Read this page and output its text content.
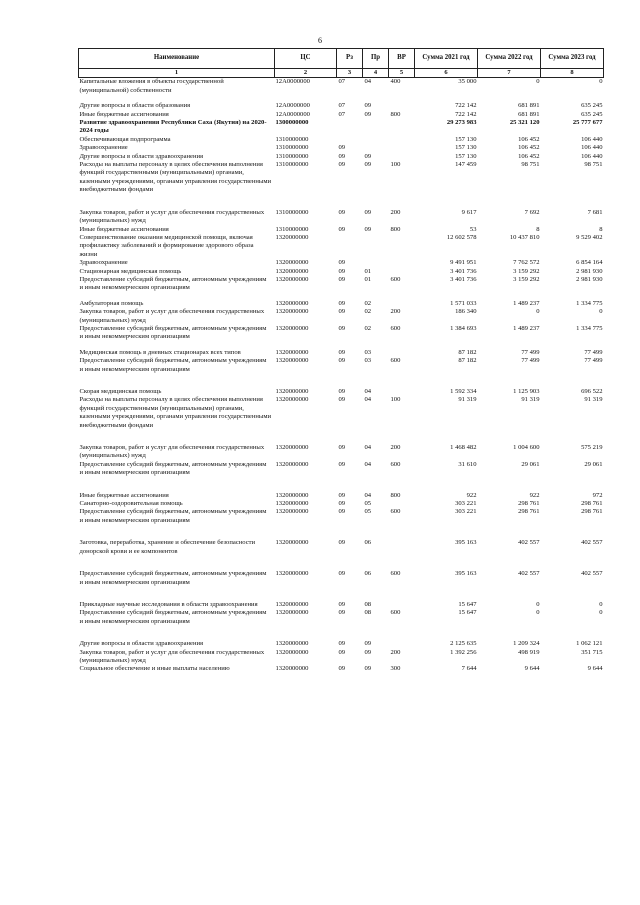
6
Наименование	ЦС	Рз	Пр	ВР	Сумма 2021 год	Сумма 2022 год	Сумма 2023 год
1	2	3	4	5	6	7	8
Капитальные вложения в объекты государственной (муниципальной) собственности	12А0000000	07	04	400	35 000	0	0
Другие вопросы в области образования	12А0000000	07	09		722 142	681 891	635 245
Иные бюджетные ассигнования	12А0000000	07	09	800	722 142	681 891	635 245
Развитие здравоохранения Республики Саха (Якутия) на 2020-2024 годы	1300000000				29 273 983	25 321 120	25 777 677
Обеспечивающая подпрограмма	1310000000				157 130	106 452	106 440
Здравоохранение	1310000000	09			157 130	106 452	106 440
Другие вопросы в области здравоохранения	1310000000	09	09		157 130	106 452	106 440
Расходы на выплаты персоналу в целях обеспечения выполнения функций государственными (муниципальными) органами, казенными учреждениями, органами управления государственными внебюджетными фондами	1310000000	09	09	100	147 459	98 751	98 751
Закупка товаров, работ и услуг для обеспечения государственных (муниципальных) нужд	1310000000	09	09	200	9 617	7 692	7 681
Иные бюджетные ассигнования	1310000000	09	09	800	53	8	8
Совершенствование оказания медицинской помощи, включая профилактику заболеваний и формирование здорового образа жизни	1320000000				12 602 578	10 437 810	9 529 402
Здравоохранение	1320000000	09			9 491 951	7 762 572	6 854 164
Стационарная медицинская помощь	1320000000	09	01		3 401 736	3 159 292	2 981 930
Предоставление субсидий бюджетным, автономным учреждениям и иным некоммерческим организациям	1320000000	09	01	600	3 401 736	3 159 292	2 981 930
Амбулаторная помощь	1320000000	09	02		1 571 033	1 489 237	1 334 775
Закупка товаров, работ и услуг для обеспечения государственных (муниципальных) нужд	1320000000	09	02	200	186 340	0	0
Предоставление субсидий бюджетным, автономным учреждениям и иным некоммерческим организациям	1320000000	09	02	600	1 384 693	1 489 237	1 334 775
Медицинская помощь в дневных стационарах всех типов	1320000000	09	03		87 182	77 499	77 499
Предоставление субсидий бюджетным, автономным учреждениям и иным некоммерческим организациям	1320000000	09	03	600	87 182	77 499	77 499
Скорая медицинская помощь	1320000000	09	04		1 592 334	1 125 903	696 522
Расходы на выплаты персоналу в целях обеспечения выполнения функций государственными (муниципальными) органами, казенными учреждениями, органами управления государственными внебюджетными фондами	1320000000	09	04	100	91 319	91 319	91 319
Закупка товаров, работ и услуг для обеспечения государственных (муниципальных) нужд	1320000000	09	04	200	1 468 482	1 004 600	575 219
Предоставление субсидий бюджетным, автономным учреждениям и иным некоммерческим организациям	1320000000	09	04	600	31 610	29 061	29 061
Иные бюджетные ассигнования	1320000000	09	04	800	922	922	972
Санаторно-оздоровительная помощь	1320000000	09	05		303 221	298 761	298 761
Предоставление субсидий бюджетным, автономным учреждениям и иным некоммерческим организациям	1320000000	09	05	600	303 221	298 761	298 761
Заготовка, переработка, хранение и обеспечение безопасности донорской крови и ее компонентов	1320000000	09	06		395 163	402 557	402 557
Предоставление субсидий бюджетным, автономным учреждениям и иным некоммерческим организациям	1320000000	09	06	600	395 163	402 557	402 557
Прикладные научные исследования в области здравоохранения	1320000000	09	08		15 647	0	0
Предоставление субсидий бюджетным, автономным учреждениям и иным некоммерческим организациям	1320000000	09	08	600	15 647	0	0
Другие вопросы в области здравоохранения	1320000000	09	09		2 125 635	1 209 324	1 062 121
Закупка товаров, работ и услуг для обеспечения государственных (муниципальных) нужд	1320000000	09	09	200	1 392 256	498 919	351 715
Социальное обеспечение и иные выплаты населению	1320000000	09	09	300	7 644	9 644	9 644
